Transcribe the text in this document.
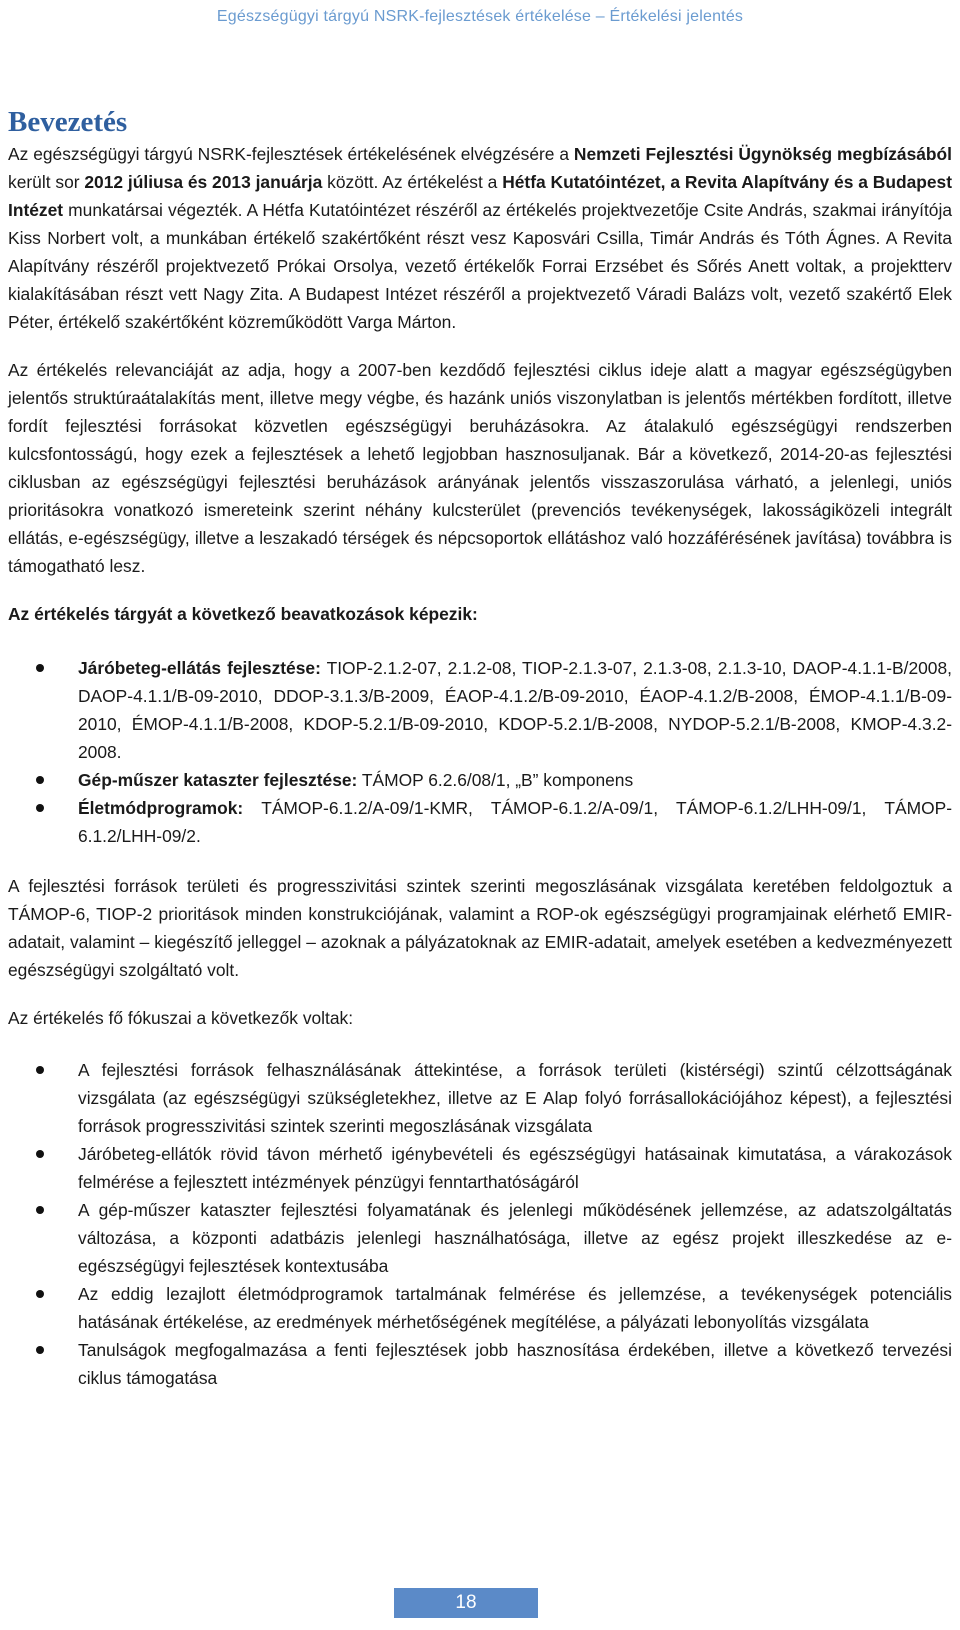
Egészségügyi tárgyú NSRK-fejlesztések értékelése – Értékelési jelentés
Bevezetés

Az egészségügyi tárgyú NSRK-fejlesztések értékelésének elvégzésére a Nemzeti Fejlesztési Ügynökség megbízásából került sor 2012 júliusa és 2013 januárja között. Az értékelést a Hétfa Kutatóintézet, a Revita Alapítvány és a Budapest Intézet munkatársai végezték. A Hétfa Kutatóintézet részéről az értékelés projektvezetője Csite András, szakmai irányítója Kiss Norbert volt, a munkában értékelő szakértőként részt vesz Kaposvári Csilla, Timár András és Tóth Ágnes. A Revita Alapítvány részéről projektvezető Prókai Orsolya, vezető értékelők Forrai Erzsébet és Sőrés Anett voltak, a projektterv kialakításában részt vett Nagy Zita. A Budapest Intézet részéről a projektvezető Váradi Balázs volt, vezető szakértő Elek Péter, értékelő szakértőként közreműködött Varga Márton.

Az értékelés relevanciáját az adja, hogy a 2007-ben kezdődő fejlesztési ciklus ideje alatt a magyar egészségügyben jelentős struktúraátalakítás ment, illetve megy végbe, és hazánk uniós viszonylatban is jelentős mértékben fordított, illetve fordít fejlesztési forrásokat közvetlen egészségügyi beruházásokra. Az átalakuló egészségügyi rendszerben kulcsfontosságú, hogy ezek a fejlesztések a lehető legjobban hasznosuljanak. Bár a következő, 2014-20-as fejlesztési ciklusban az egészségügyi fejlesztési beruházások arányának jelentős visszaszorulása várható, a jelenlegi, uniós prioritásokra vonatkozó ismereteink szerint néhány kulcsterület (prevenciós tevékenységek, lakosságiközeli integrált ellátás, e-egészségügy, illetve a leszakadó térségek és népcsoportok ellátáshoz való hozzáférésének javítása) továbbra is támogatható lesz.

Az értékelés tárgyát a következő beavatkozások képezik:

Járóbeteg-ellátás fejlesztése: TIOP-2.1.2-07, 2.1.2-08, TIOP-2.1.3-07, 2.1.3-08, 2.1.3-10, DAOP-4.1.1-B/2008, DAOP-4.1.1/B-09-2010, DDOP-3.1.3/B-2009, ÉAOP-4.1.2/B-09-2010, ÉAOP-4.1.2/B-2008, ÉMOP-4.1.1/B-09-2010, ÉMOP-4.1.1/B-2008, KDOP-5.2.1/B-09-2010, KDOP-5.2.1/B-2008, NYDOP-5.2.1/B-2008, KMOP-4.3.2-2008.
Gép-műszer kataszter fejlesztése: TÁMOP 6.2.6/08/1, „B” komponens
Életmódprogramok: TÁMOP-6.1.2/A-09/1-KMR, TÁMOP-6.1.2/A-09/1, TÁMOP-6.1.2/LHH-09/1, TÁMOP-6.1.2/LHH-09/2.

A fejlesztési források területi és progresszivitási szintek szerinti megoszlásának vizsgálata keretében feldolgoztuk a TÁMOP-6, TIOP-2 prioritások minden konstrukciójának, valamint a ROP-ok egészségügyi programjainak elérhető EMIR-adatait, valamint – kiegészítő jelleggel – azoknak a pályázatoknak az EMIR-adatait, amelyek esetében a kedvezményezett egészségügyi szolgáltató volt.

Az értékelés fő fókuszai a következők voltak:

A fejlesztési források felhasználásának áttekintése, a források területi (kistérségi) szintű célzottságának vizsgálata (az egészségügyi szükségletekhez, illetve az E Alap folyó forrásallokációjához képest), a fejlesztési források progresszivitási szintek szerinti megoszlásának vizsgálata
Járóbeteg-ellátók rövid távon mérhető igénybevételi és egészségügyi hatásainak kimutatása, a várakozások felmérése a fejlesztett intézmények pénzügyi fenntarthatóságáról
A gép-műszer kataszter fejlesztési folyamatának és jelenlegi működésének jellemzése, az adatszolgáltatás változása, a központi adatbázis jelenlegi használhatósága, illetve az egész projekt illeszkedése az e-egészségügyi fejlesztések kontextusába
Az eddig lezajlott életmódprogramok tartalmának felmérése és jellemzése, a tevékenységek potenciális hatásának értékelése, az eredmények mérhetőségének megítélése, a pályázati lebonyolítás vizsgálata
Tanulságok megfogalmazása a fenti fejlesztések jobb hasznosítása érdekében, illetve a következő tervezési ciklus támogatása
18
